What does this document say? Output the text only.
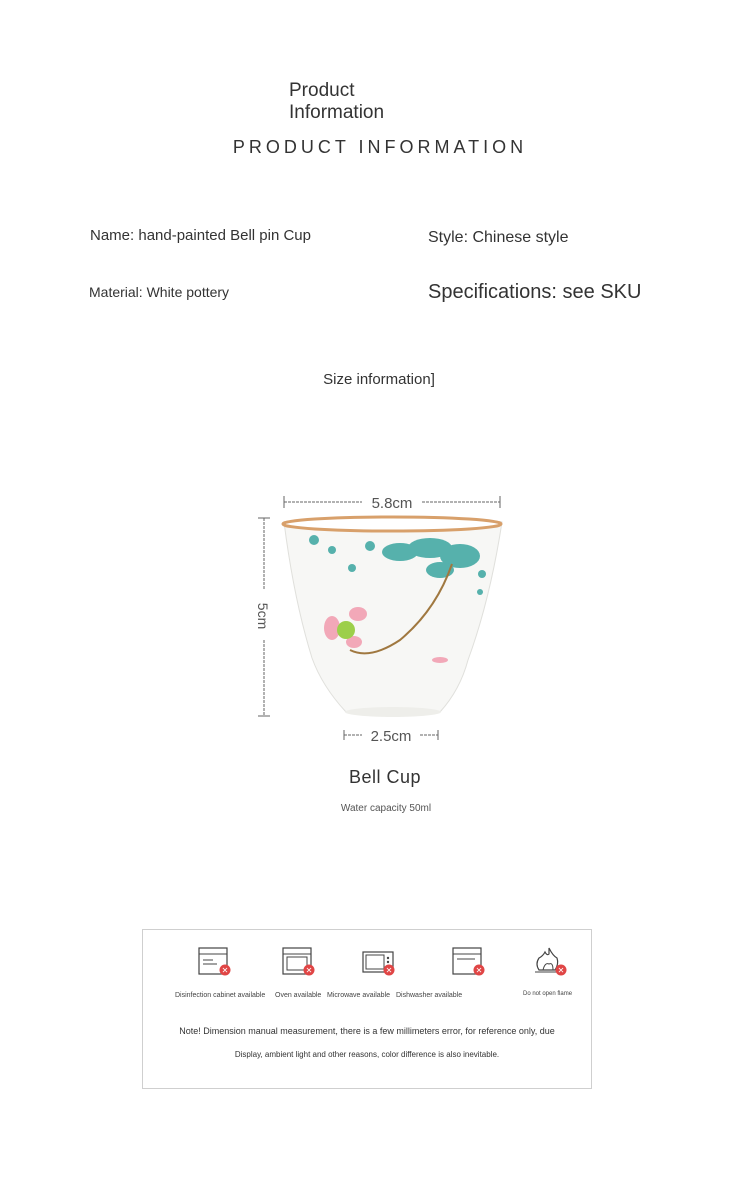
Product Information
PRODUCT INFORMATION
Name: hand-painted Bell pin Cup	Style: Chinese style
Material: White pottery	Specifications: see SKU
Size information]
5.8cm
5cm
2.5cm
Bell Cup
Water capacity 50ml
✕	✕	✕	✕	✕
Disinfection cabinet available Oven available Microwave available Dishwasher available	Do not open flame
Note! Dimension manual measurement, there is a few millimeters error, for reference only, due
Display, ambient light and other reasons, color difference is also inevitable.
